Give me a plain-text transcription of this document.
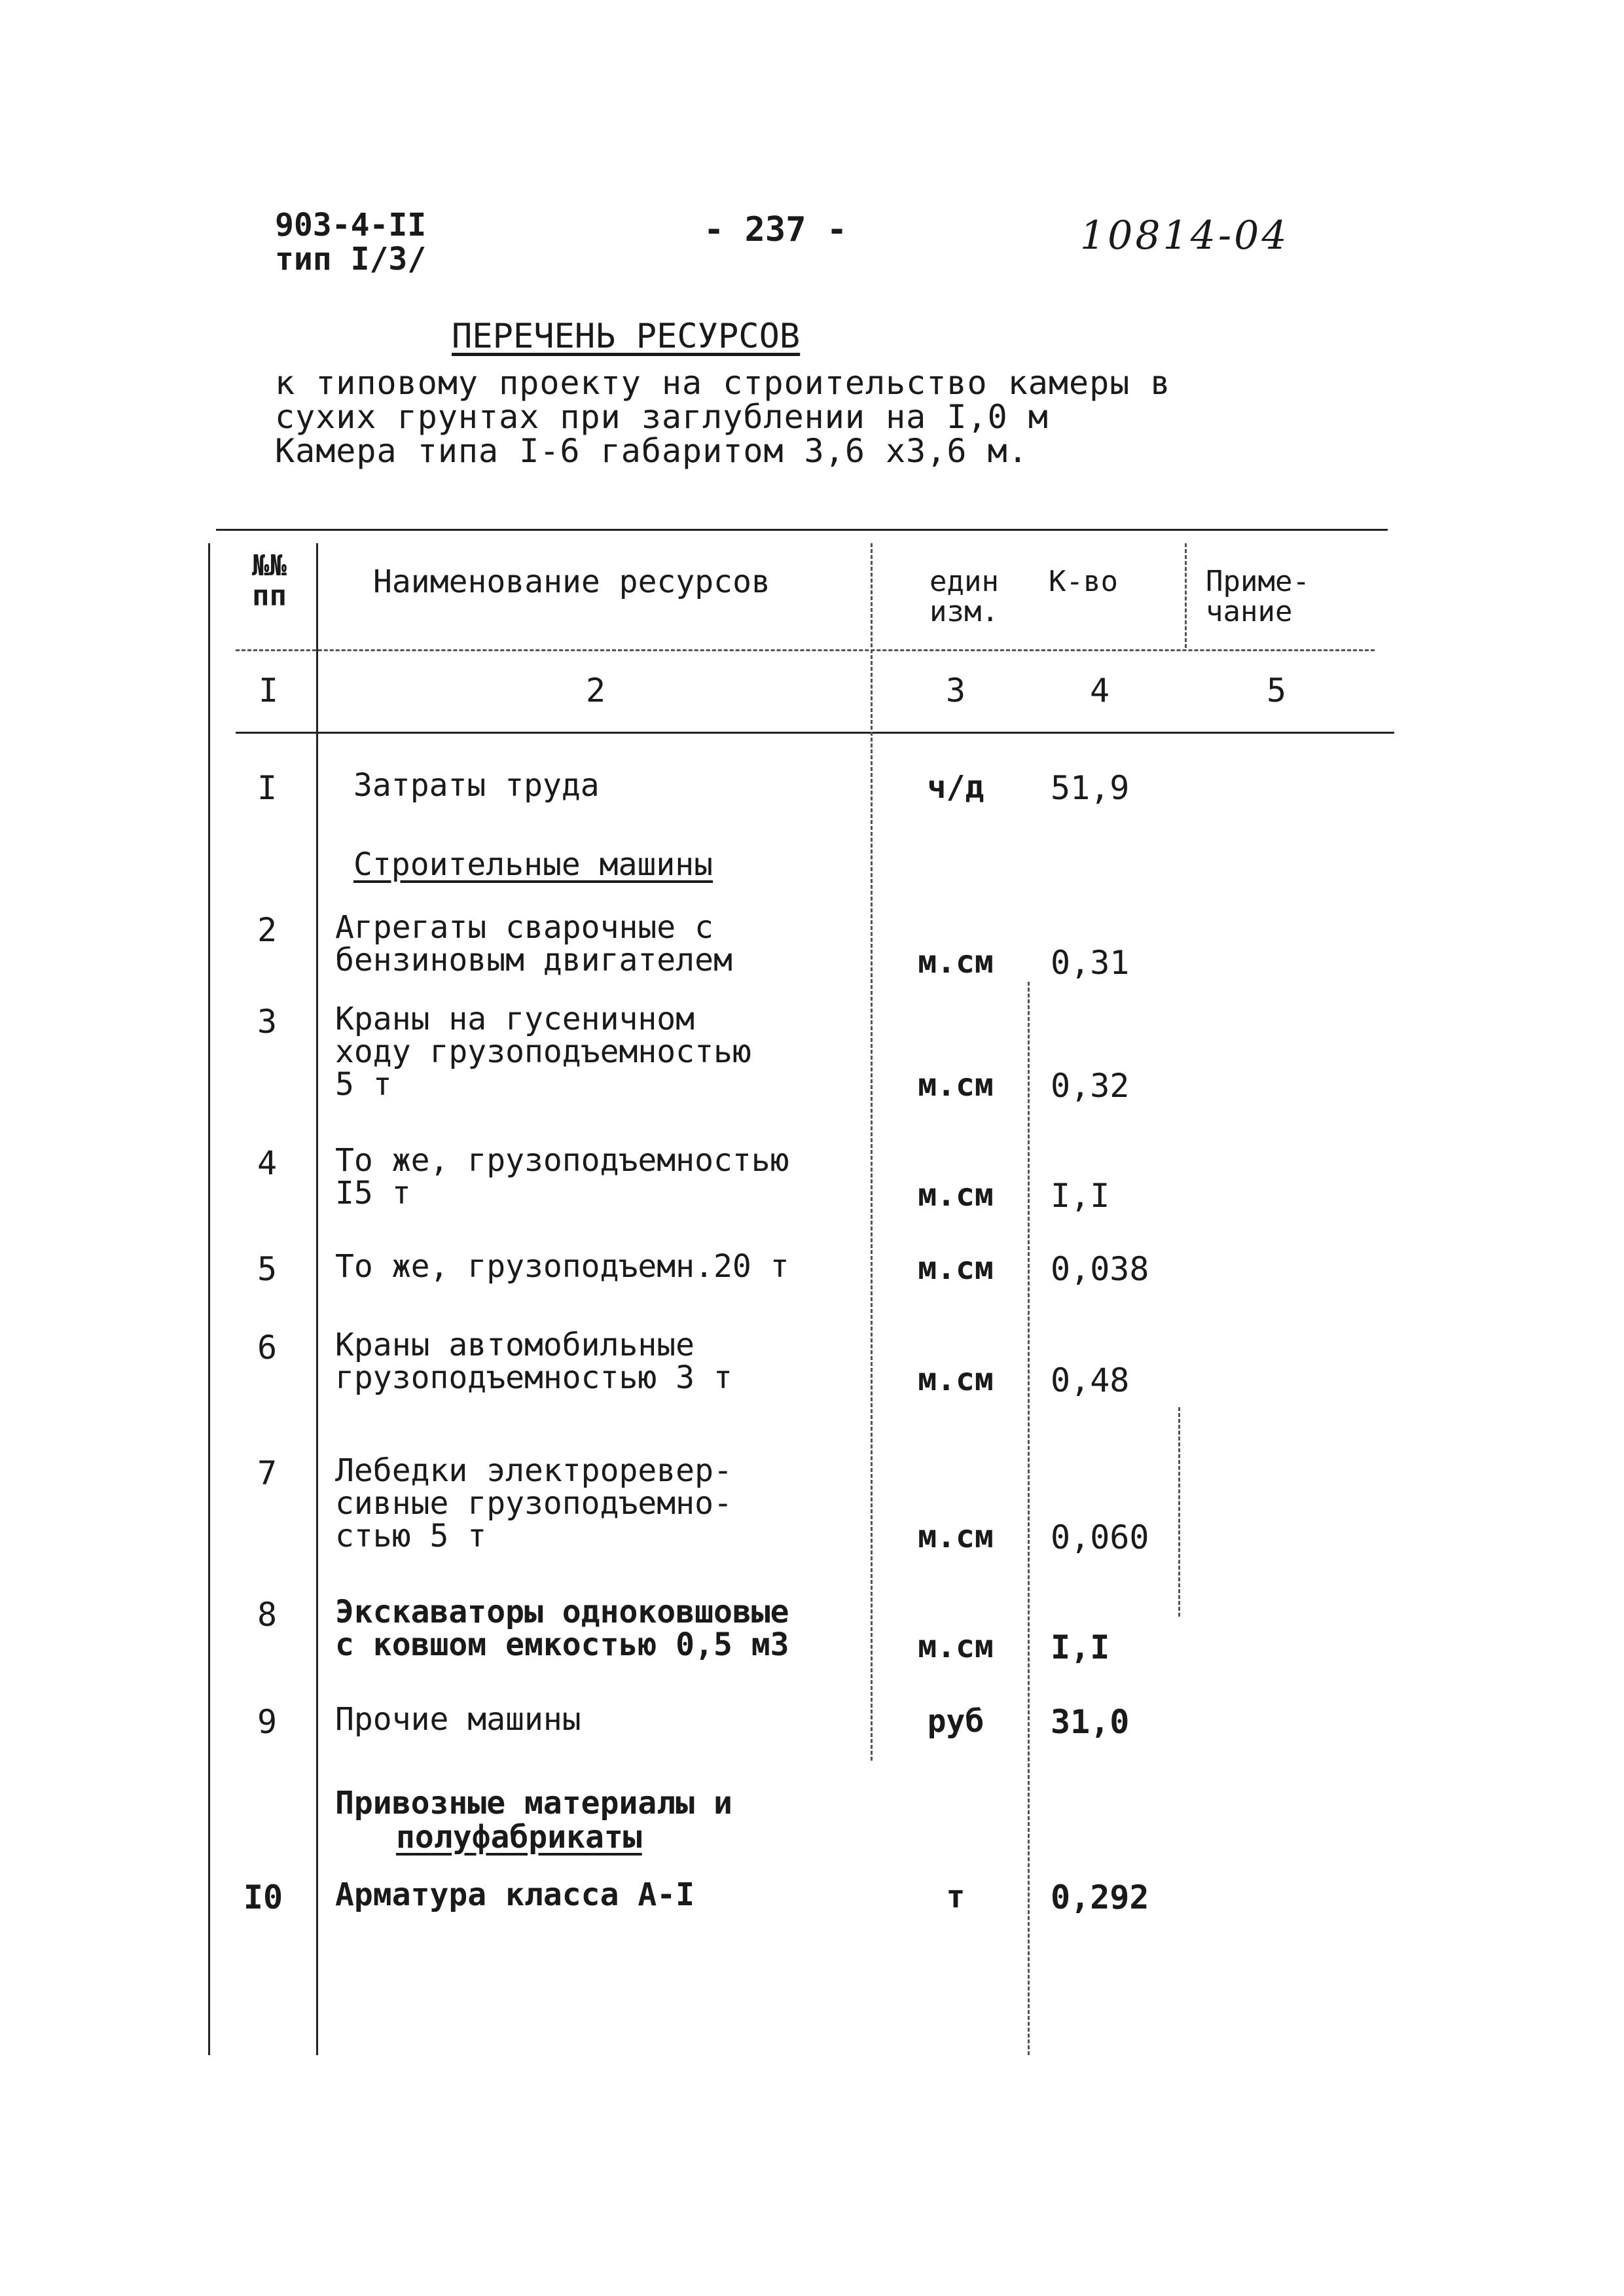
903-4-II
тип I/3/
- 237 -	10814-04
ПЕРЕЧЕНЬ РЕСУРСОВ
к типовому проекту на строительство камеры в
сухих грунтах при заглублении на I,0 м
Камера типа I-6 габаритом 3,6 х3,6 м.
№№
пп	Наименование ресурсов	един
изм.
К-во	Приме-
чание
I	2	3	4	5
I	Затраты труда	ч/д	51,9
Строительные машины
2	Агрегаты сварочные с
бензиновым двигателем	м.см	0,31
3	Краны на гусеничном
ходу грузоподъемностью
5 т	м.см	0,32
4	То же, грузоподъемностью
I5 т	м.см	I,I
5	То же, грузоподъемн.20 т	м.см	0,038
6	Краны автомобильные
грузоподъемностью 3 т	м.см	0,48
7	Лебедки электроревер-
сивные грузоподъемно-
стью 5 т	м.см	0,060
8	Экскаваторы одноковшовые
с ковшом емкостью 0,5 м3	м.см	I,I
9	Прочие машины	руб	31,0
Привозные материалы и
полуфабрикаты
I0	Арматура класса А-I	т	0,292
